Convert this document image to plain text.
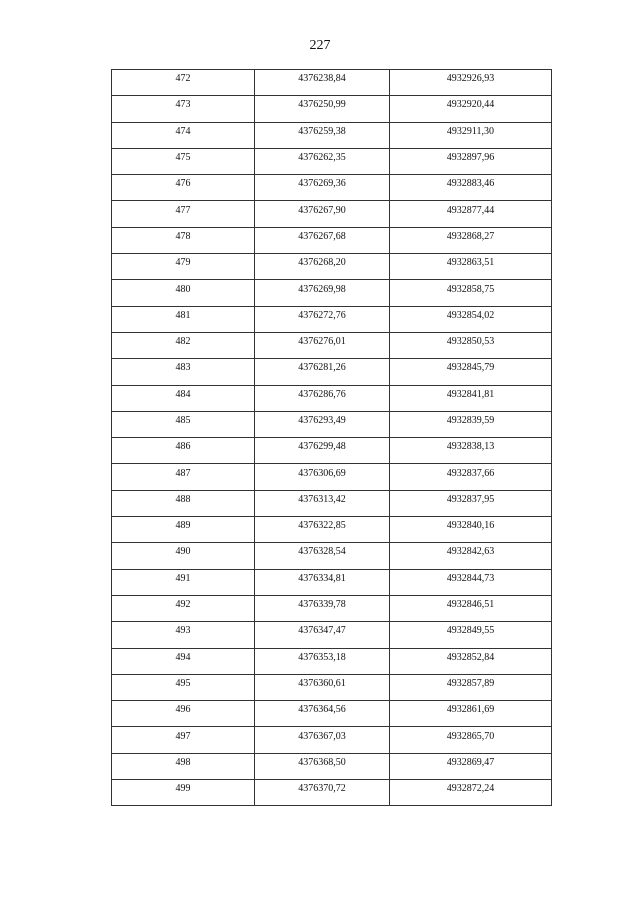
227
472	4376238,84	4932926,93
473	4376250,99	4932920,44
474	4376259,38	4932911,30
475	4376262,35	4932897,96
476	4376269,36	4932883,46
477	4376267,90	4932877,44
478	4376267,68	4932868,27
479	4376268,20	4932863,51
480	4376269,98	4932858,75
481	4376272,76	4932854,02
482	4376276,01	4932850,53
483	4376281,26	4932845,79
484	4376286,76	4932841,81
485	4376293,49	4932839,59
486	4376299,48	4932838,13
487	4376306,69	4932837,66
488	4376313,42	4932837,95
489	4376322,85	4932840,16
490	4376328,54	4932842,63
491	4376334,81	4932844,73
492	4376339,78	4932846,51
493	4376347,47	4932849,55
494	4376353,18	4932852,84
495	4376360,61	4932857,89
496	4376364,56	4932861,69
497	4376367,03	4932865,70
498	4376368,50	4932869,47
499	4376370,72	4932872,24
